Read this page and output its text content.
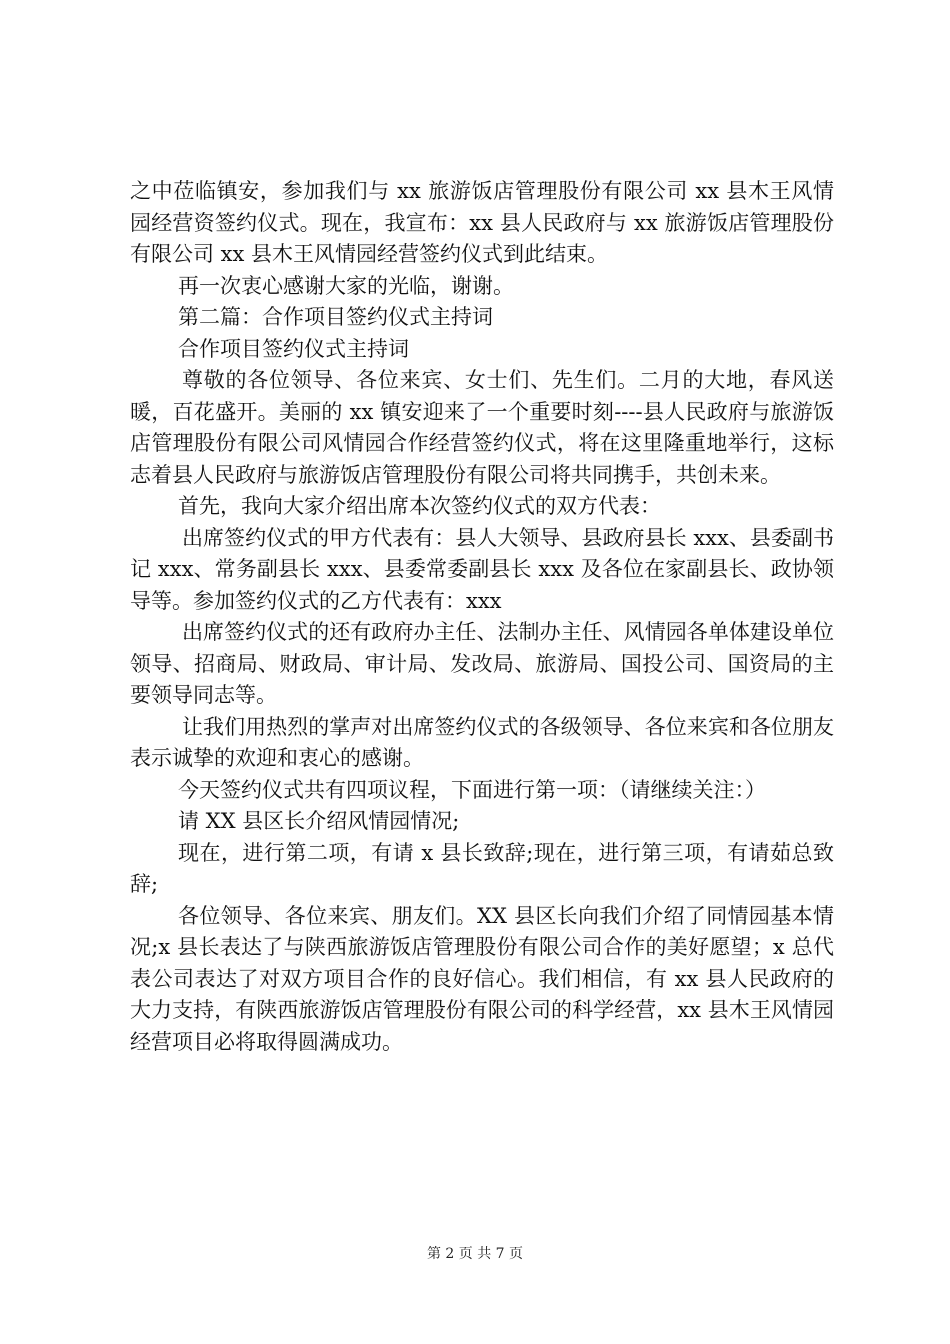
之中莅临镇安，参加我们与 xx 旅游饭店管理股份有限公司 xx 县木王风情园经营资签约仪式。现在，我宣布：xx 县人民政府与 xx 旅游饭店管理股份有限公司 xx 县木王风情园经营签约仪式到此结束。

再一次衷心感谢大家的光临，谢谢。

第二篇：合作项目签约仪式主持词

合作项目签约仪式主持词

尊敬的各位领导、各位来宾、女士们、先生们。二月的大地，春风送暖，百花盛开。美丽的 xx 镇安迎来了一个重要时刻----县人民政府与旅游饭店管理股份有限公司风情园合作经营签约仪式，将在这里隆重地举行，这标志着县人民政府与旅游饭店管理股份有限公司将共同携手，共创未来。

首先，我向大家介绍出席本次签约仪式的双方代表：

出席签约仪式的甲方代表有：县人大领导、县政府县长 xxx、县委副书记 xxx、常务副县长 xxx、县委常委副县长 xxx 及各位在家副县长、政协领导等。参加签约仪式的乙方代表有：xxx

出席签约仪式的还有政府办主任、法制办主任、风情园各单体建设单位领导、招商局、财政局、审计局、发改局、旅游局、国投公司、国资局的主要领导同志等。

让我们用热烈的掌声对出席签约仪式的各级领导、各位来宾和各位朋友表示诚挚的欢迎和衷心的感谢。

今天签约仪式共有四项议程，下面进行第一项：（请继续关注：）

请 XX 县区长介绍风情园情况;

现在，进行第二项，有请 x 县长致辞;现在，进行第三项，有请茹总致辞;

各位领导、各位来宾、朋友们。XX 县区长向我们介绍了同情园基本情况;x 县长表达了与陕西旅游饭店管理股份有限公司合作的美好愿望；x 总代表公司表达了对双方项目合作的良好信心。我们相信，有 xx 县人民政府的大力支持，有陕西旅游饭店管理股份有限公司的科学经营，xx 县木王风情园经营项目必将取得圆满成功。

第 2 页 共 7 页
